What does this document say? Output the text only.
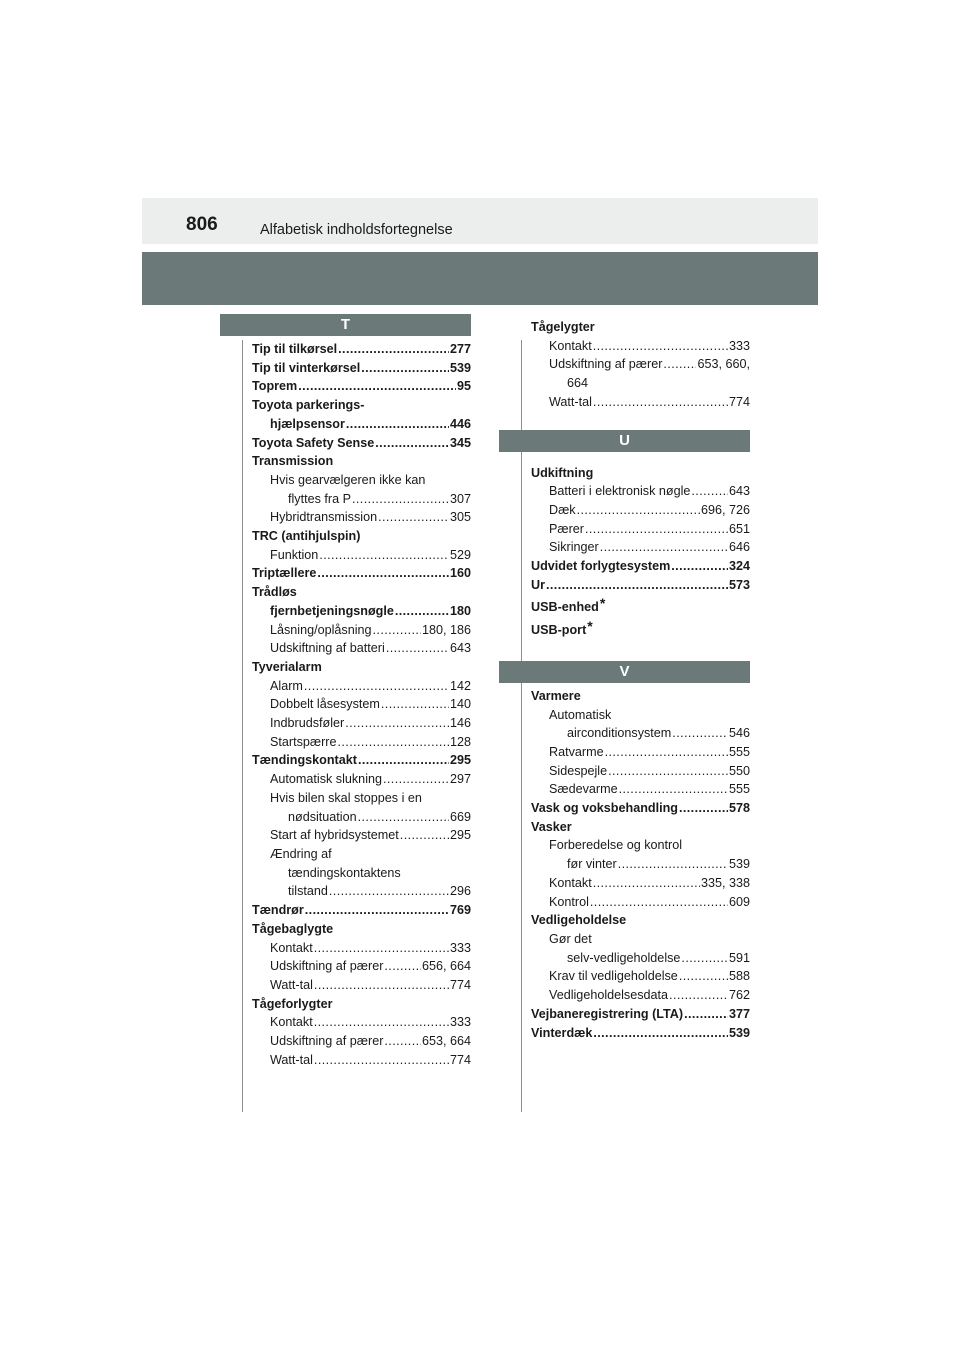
806	Alfabetisk indholdsfortegnelse
T
Tip til tilkørsel .....	277
Tip til vinterkørsel .....	539
Toprem .....	95
Toyota parkerings-
hjælpsensor .....	446
Toyota Safety Sense .....	345
Transmission
Hvis gearvælgeren ikke kan
flyttes fra P .....	307
Hybridtransmission .....	305
TRC (antihjulspin)
Funktion .....	529
Triptællere .....	160
Trådløs
fjernbetjeningsnøgle .....	180
Låsning/oplåsning .....	180, 186
Udskiftning af batteri .....	643
Tyverialarm
Alarm .....	142
Dobbelt låsesystem .....	140
Indbrudsføler .....	146
Startspærre .....	128
Tændingskontakt .....	295
Automatisk slukning .....	297
Hvis bilen skal stoppes i en
nødsituation .....	669
Start af hybridsystemet .....	295
Ændring af
tændingskontaktens
tilstand .....	296
Tændrør .....	769
Tågebaglygte
Kontakt .....	333
Udskiftning af pærer .....	656, 664
Watt-tal .....	774
Tågeforlygter
Kontakt .....	333
Udskiftning af pærer .....	653, 664
Watt-tal .....	774
Tågelygter
Kontakt .....	333
Udskiftning af pærer .....	653, 660,
664
Watt-tal .....	774
U
Udkiftning
Batteri i elektronisk nøgle .....	643
Dæk .....	696, 726
Pærer .....	651
Sikringer .....	646
Udvidet forlygtesystem .....	324
Ur .....	573
USB-enhed*
USB-port*
V
Varmere
Automatisk
airconditionsystem .....	546
Ratvarme .....	555
Sidespejle .....	550
Sædevarme .....	555
Vask og voksbehandling .....	578
Vasker
Forberedelse og kontrol
før vinter .....	539
Kontakt .....	335, 338
Kontrol .....	609
Vedligeholdelse
Gør det
selv-vedligeholdelse .....	591
Krav til vedligeholdelse .....	588
Vedligeholdelsesdata .....	762
Vejbaneregistrering (LTA) .....	377
Vinterdæk .....	539
